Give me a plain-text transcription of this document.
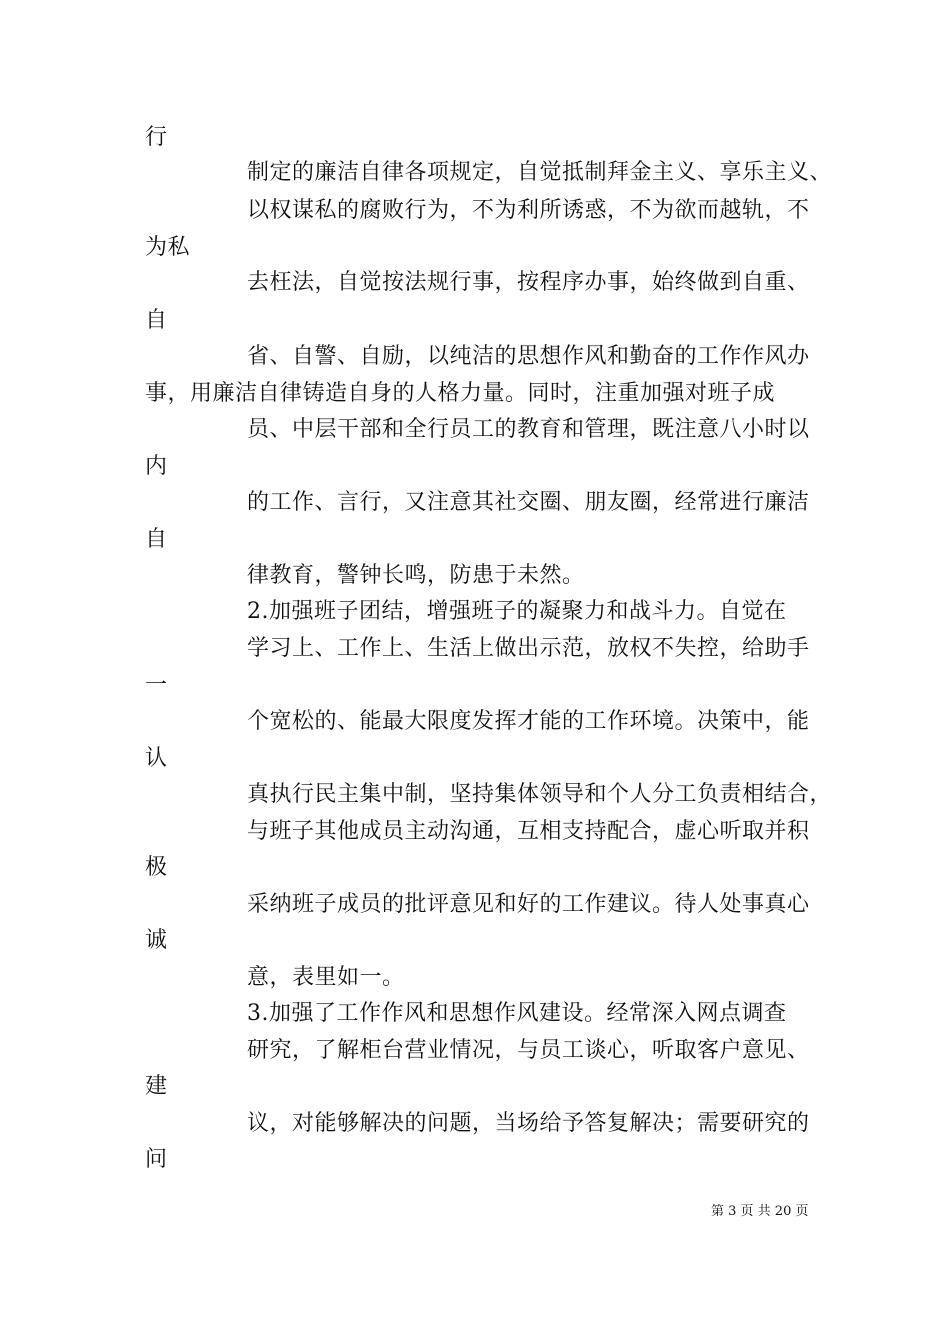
行
制定的廉洁自律各项规定，自觉抵制拜金主义、享乐主义、
以权谋私的腐败行为，不为利所诱惑，不为欲而越轨，不
为私
去枉法，自觉按法规行事，按程序办事，始终做到自重、
自
省、自警、自励，以纯洁的思想作风和勤奋的工作作风办
事，用廉洁自律铸造自身的人格力量。同时，注重加强对班子成
员、中层干部和全行员工的教育和管理，既注意八小时以
内
的工作、言行，又注意其社交圈、朋友圈，经常进行廉洁
自
律教育，警钟长鸣，防患于未然。
2.加强班子团结，增强班子的凝聚力和战斗力。自觉在
学习上、工作上、生活上做出示范，放权不失控，给助手
一
个宽松的、能最大限度发挥才能的工作环境。决策中，能
认
真执行民主集中制，坚持集体领导和个人分工负责相结合，
与班子其他成员主动沟通，互相支持配合，虚心听取并积
极
采纳班子成员的批评意见和好的工作建议。待人处事真心
诚
意，表里如一。
3.加强了工作作风和思想作风建设。经常深入网点调查
研究，了解柜台营业情况，与员工谈心，听取客户意见、
建
议，对能够解决的问题，当场给予答复解决；需要研究的
问
第 3 页 共 20 页
